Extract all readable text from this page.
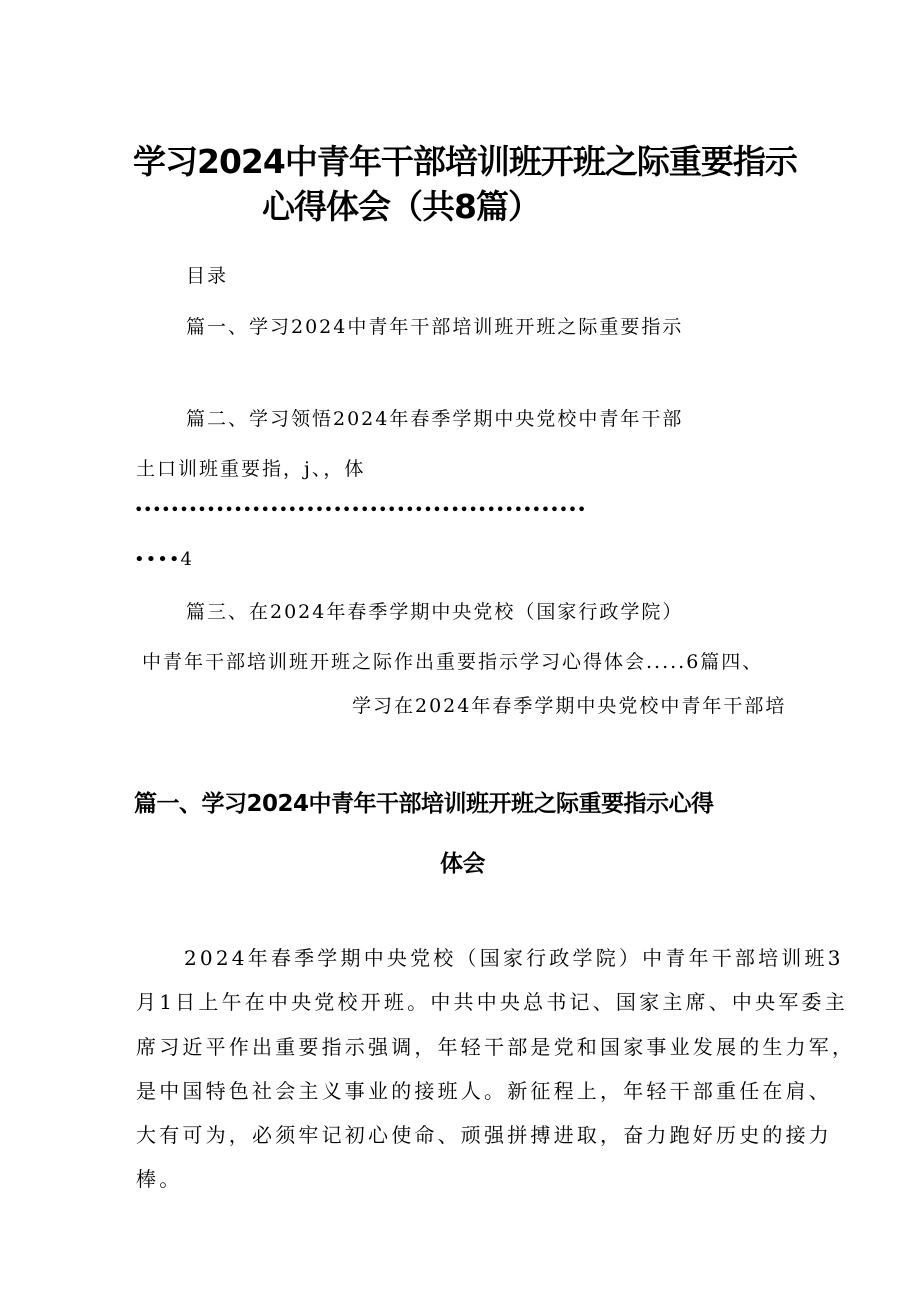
学习2024中青年干部培训班开班之际重要指示
心得体会（共8篇）
目录
篇一、学习2024中青年干部培训班开班之际重要指示
篇二、学习领悟2024年春季学期中央党校中青年干部
土口训班重要指，j、，体
••••••••••••••••••••••••••••••••••••••••••••••••••
••••4
篇三、在2024年春季学期中央党校（国家行政学院）
中青年干部培训班开班之际作出重要指示学习心得体会.....6篇四、
学习在2024年春季学期中央党校中青年干部培
篇一、学习2024中青年干部培训班开班之际重要指示心得
体会
2024年春季学期中央党校（国家行政学院）中青年干部培训班3
月1日上午在中央党校开班。中共中央总书记、国家主席、中央军委主
席习近平作出重要指示强调，年轻干部是党和国家事业发展的生力军，
是中国特色社会主义事业的接班人。新征程上，年轻干部重任在肩、
大有可为，必须牢记初心使命、顽强拼搏进取，奋力跑好历史的接力
棒。
